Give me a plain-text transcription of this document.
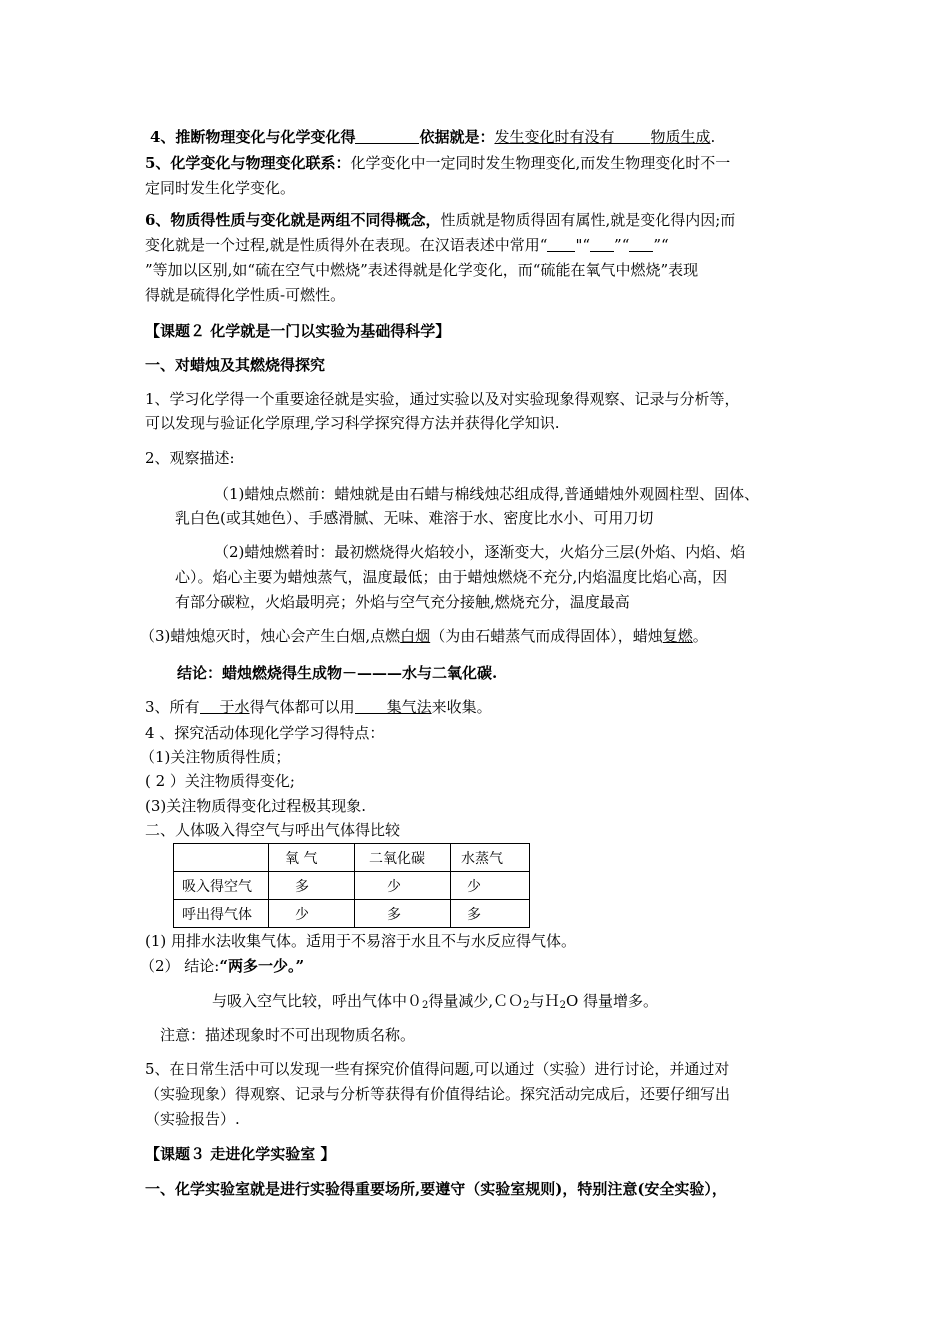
4、推断物理变化与化学变化得	依据就是：发生变化时有没有 物质生成.
5、化学变化与物理变化联系：化学变化中一定同时发生物理变化,而发生物理变化时不一
定同时发生化学变化。
6、物质得性质与变化就是两组不同得概念，性质就是物质得固有属性,就是变化得内因;而
变化就是一个过程,就是性质得外在表现。在汉语表述中常用“ "“ ”“ ”“
”等加以区别,如“硫在空气中燃烧”表述得就是化学变化，而“硫能在氧气中燃烧”表现
得就是硫得化学性质-可燃性。
【课题２ 化学就是一门以实验为基础得科学】
一、对蜡烛及其燃烧得探究
1、学习化学得一个重要途径就是实验，通过实验以及对实验现象得观察、记录与分析等，
可以发现与验证化学原理,学习科学探究得方法并获得化学知识.
2、观察描述:
（1)蜡烛点燃前：蜡烛就是由石蜡与棉线烛芯组成得,普通蜡烛外观圆柱型、固体、
乳白色(或其她色）、手感滑腻、无味、难溶于水、密度比水小、可用刀切
（2)蜡烛燃着时：最初燃烧得火焰较小，逐渐变大，火焰分三层(外焰、内焰、焰
心）。焰心主要为蜡烛蒸气，温度最低；由于蜡烛燃烧不充分,内焰温度比焰心高，因
有部分碳粒，火焰最明亮；外焰与空气充分接触,燃烧充分，温度最高
（3)蜡烛熄灭时，烛心会产生白烟,点燃白烟（为由石蜡蒸气而成得固体），蜡烛复燃。
结论：蜡烛燃烧得生成物－———水与二氧化碳.
3、所有 于水得气体都可以用 集气法来收集。
4 、探究活动体现化学学习得特点：
（1)关注物质得性质；
( 2 ）关注物质得变化;
(3)关注物质得变化过程极其现象.
二、人体吸入得空气与呼出气体得比较
	氧 气	二氧化碳	水蒸气
吸入得空气	多	少	少
呼出得气体	少	多	多
(1) 用排水法收集气体。适用于不易溶于水且不与水反应得气体。
（2） 结论:“两多一少。”
与吸入空气比较，呼出气体中$0_2$得量减少,ＣＯ$_2$与Ｈ$_2$O 得量增多。
注意：描述现象时不可出现物质名称。
5、在日常生活中可以发现一些有探究价值得问题,可以通过（实验）进行讨论，并通过对
（实验现象）得观察、记录与分析等获得有价值得结论。探究活动完成后，还要仔细写出
（实验报告）.
【课题３ 走进化学实验室 】
一、化学实验室就是进行实验得重要场所,要遵守（实验室规则)，特别注意(安全实验），
